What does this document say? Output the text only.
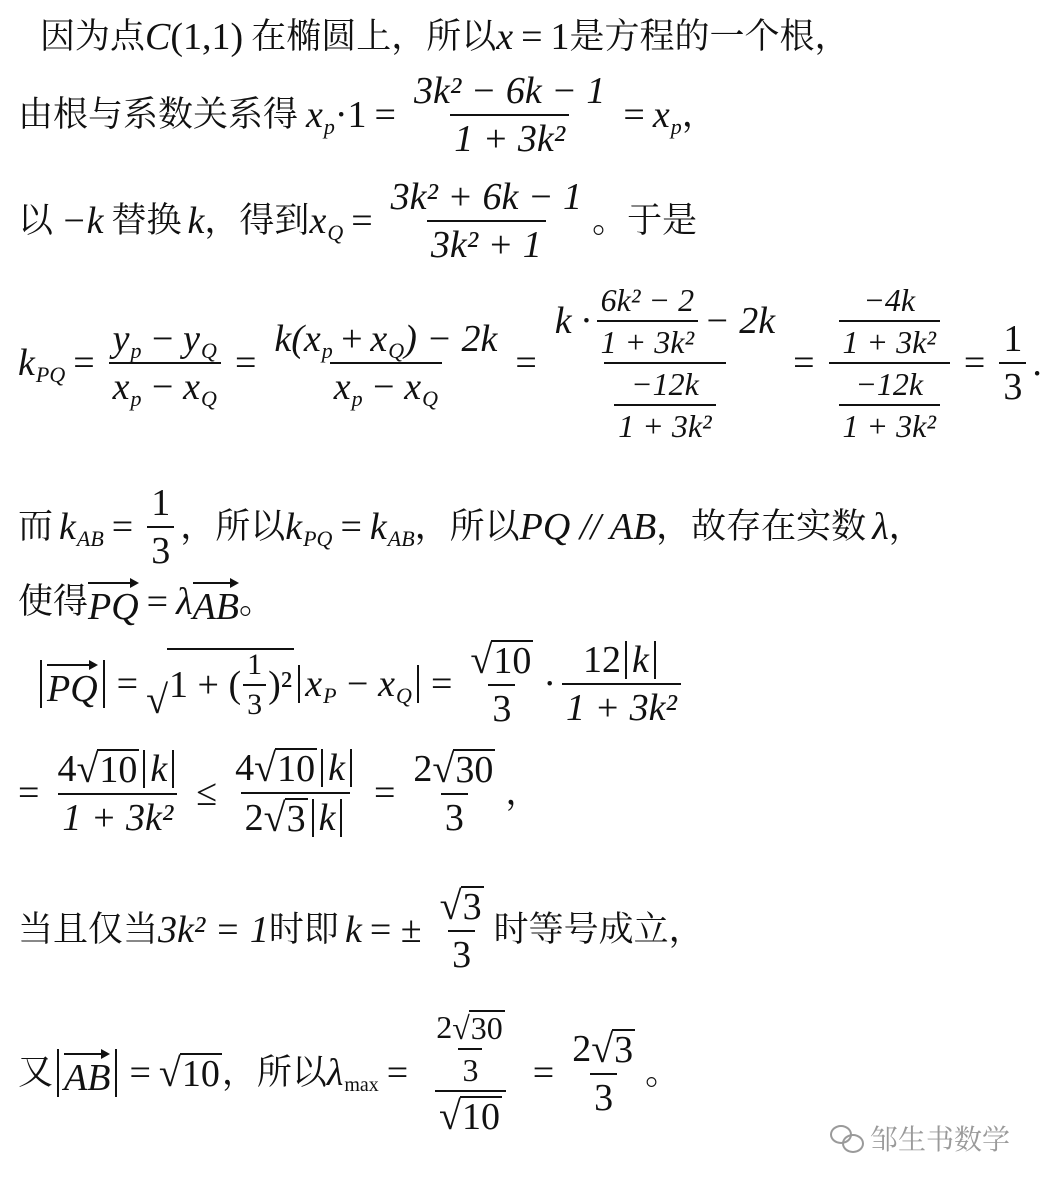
因为点 C (1,1) 在椭圆上，所以 x = 1 是方程的一个根，
由根与系数关系得 x $p \cdot 1 = \frac{\text{3k² − 6k − 1}}{\text{1 + 3k²}} = x$ p ，
以 −k 替换 k ，得到 x $Q = \frac{\text{3k² + 6k − 1}}{\text{3k² + 1}}$ 。于是
k PQ = $\frac{\text{y p − y Q}}{\text{x p − x Q}} = \frac{\text{k(x p + x Q ) − 2k}}{\text{x p − x Q}} = \frac{k \cdot \frac{\text{6k² − 2}}{\text{1 + 3k²}} - 2k}{\frac{-12k}{\text{1 + 3k²}}} = \frac{\frac{-4k}{\text{1 + 3k²}}}{\frac{-12k}{\text{1 + 3k²}}} = \frac{1}{3}$ .
而 k AB = $\frac{1}{3}$ ，所以 k PQ = k AB ，所以 PQ // AB ，故存在实数 λ ，
使得 PQ = λ AB 。
PQ = √ 1 + ( $\frac{1}{3} )^2$ x P − x $Q = \frac{√ 10}{3} \cdot \frac{12 k}{\text{1 + 3k²}}$
= $\frac{4 √ 10 k}{\text{1 + 3k²}} \le \frac{4 √ 10 k}{2 √ 3 k} = \frac{2 √ 30}{3}$ ，
当且仅当 3k² = 1 时即 k = ± $\frac{√ 3}{3}$ 时等号成立，
又 AB = √ 10 ，所以 λ $\max = \frac{\frac{2 √ 30}{3}}{√ 10} = \frac{2 √ 3}{3}$ 。
邹生书数学
